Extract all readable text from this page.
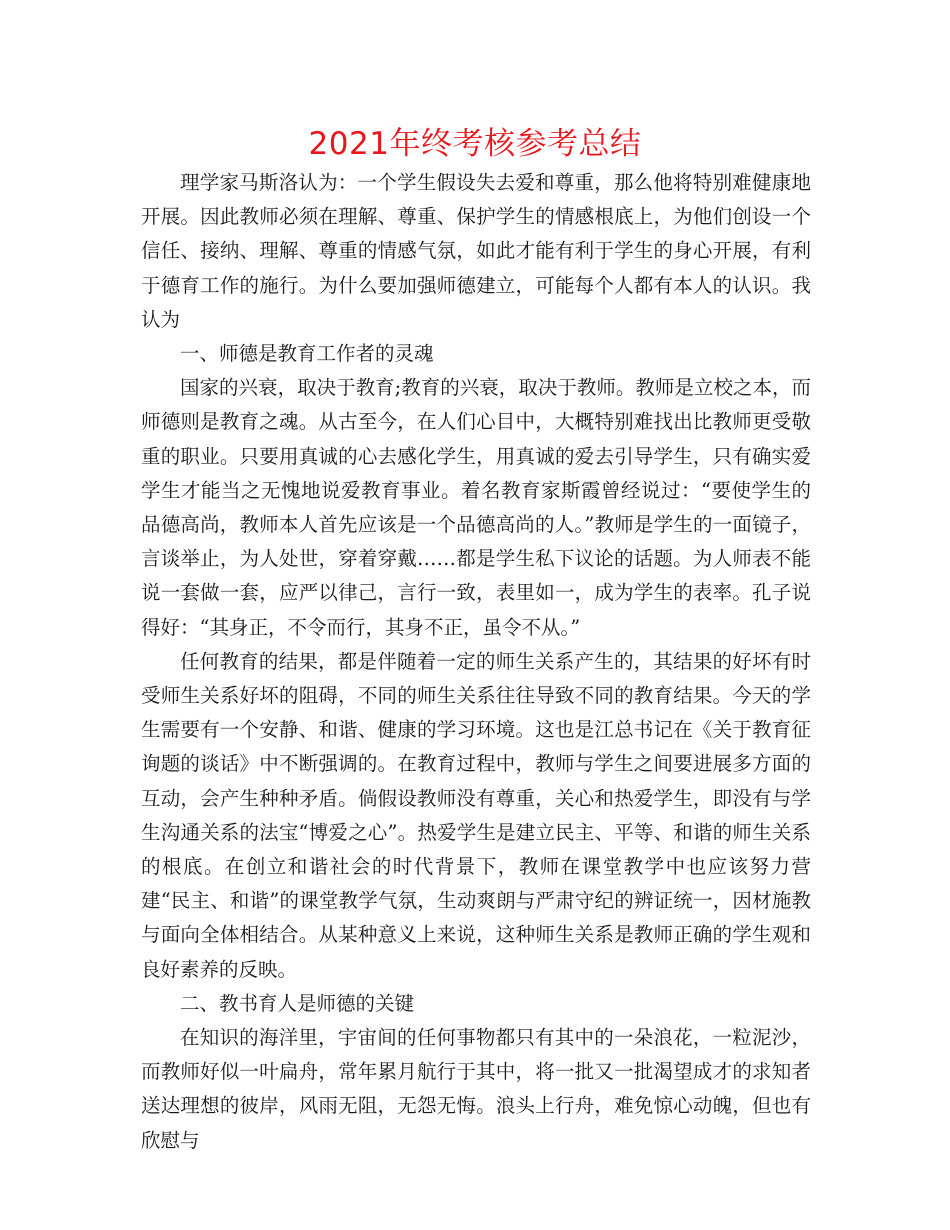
2021年终考核参考总结

理学家马斯洛认为：一个学生假设失去爱和尊重，那么他将特别难健康地开展。因此教师必须在理解、尊重、保护学生的情感根底上，为他们创设一个信任、接纳、理解、尊重的情感气氛，如此才能有利于学生的身心开展，有利于德育工作的施行。为什么要加强师德建立，可能每个人都有本人的认识。我认为

一、师德是教育工作者的灵魂

国家的兴衰，取决于教育;教育的兴衰，取决于教师。教师是立校之本，而师德则是教育之魂。从古至今，在人们心目中，大概特别难找出比教师更受敬重的职业。只要用真诚的心去感化学生，用真诚的爱去引导学生，只有确实爱学生才能当之无愧地说爱教育事业。着名教育家斯霞曾经说过：“要使学生的品德高尚，教师本人首先应该是一个品德高尚的人。”教师是学生的一面镜子，言谈举止，为人处世，穿着穿戴……都是学生私下议论的话题。为人师表不能说一套做一套，应严以律己，言行一致，表里如一，成为学生的表率。孔子说得好：“其身正，不令而行，其身不正，虽令不从。”

任何教育的结果，都是伴随着一定的师生关系产生的，其结果的好坏有时受师生关系好坏的阻碍，不同的师生关系往往导致不同的教育结果。今天的学生需要有一个安静、和谐、健康的学习环境。这也是江总书记在《关于教育征询题的谈话》中不断强调的。在教育过程中，教师与学生之间要进展多方面的互动，会产生种种矛盾。倘假设教师没有尊重，关心和热爱学生，即没有与学生沟通关系的法宝“博爱之心”。热爱学生是建立民主、平等、和谐的师生关系的根底。在创立和谐社会的时代背景下，教师在课堂教学中也应该努力营建“民主、和谐”的课堂教学气氛，生动爽朗与严肃守纪的辨证统一，因材施教与面向全体相结合。从某种意义上来说，这种师生关系是教师正确的学生观和良好素养的反映。

二、教书育人是师德的关键

在知识的海洋里，宇宙间的任何事物都只有其中的一朵浪花，一粒泥沙，而教师好似一叶扁舟，常年累月航行于其中，将一批又一批渴望成才的求知者送达理想的彼岸，风雨无阻，无怨无悔。浪头上行舟，难免惊心动魄，但也有欣慰与
